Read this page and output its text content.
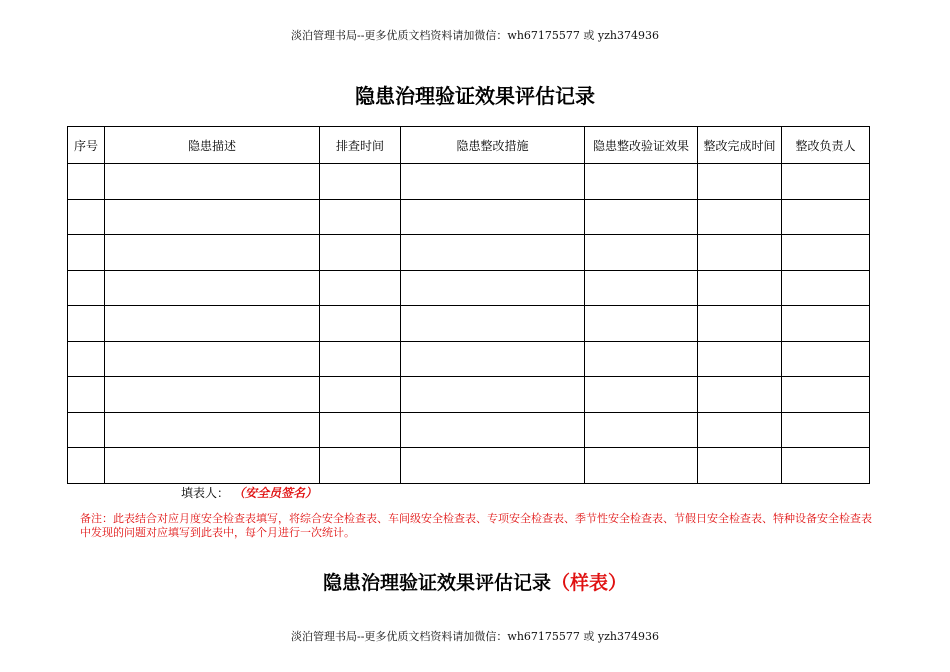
淡泊管理书局--更多优质文档资料请加微信：wh67175577 或 yzh374936
隐患治理验证效果评估记录
序号	隐患描述	排查时间	隐患整改措施	隐患整改验证效果	整改完成时间	整改负责人

填表人： （安全员签名）
备注：此表结合对应月度安全检查表填写，将综合安全检查表、车间级安全检查表、专项安全检查表、季节性安全检查表、节假日安全检查表、特种设备安全检查表中发现的问题对应填写到此表中，每个月进行一次统计。
隐患治理验证效果评估记录（样表）
淡泊管理书局--更多优质文档资料请加微信：wh67175577 或 yzh374936
